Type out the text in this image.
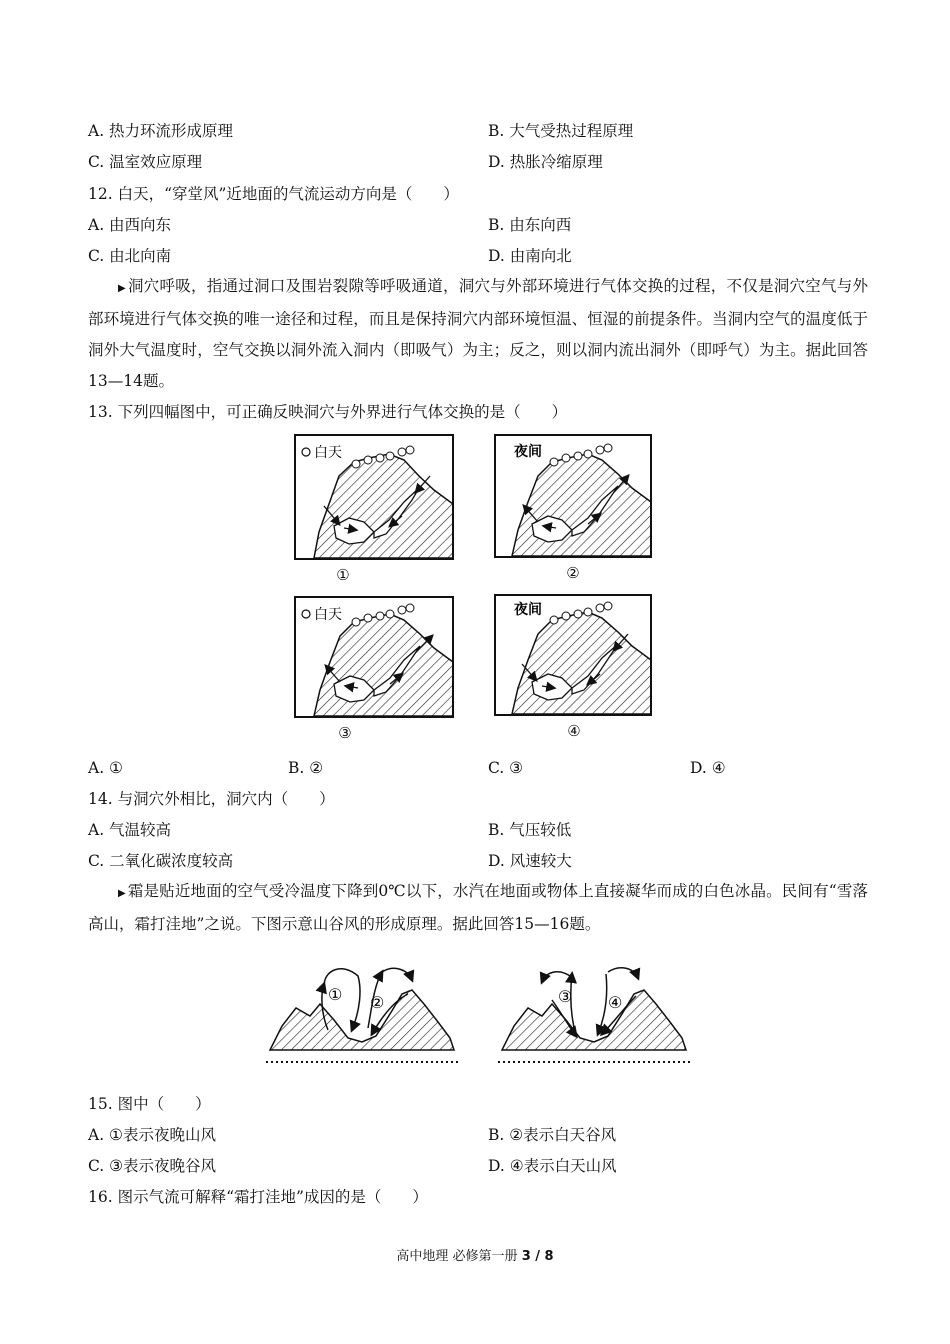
A. 热力环流形成原理	B. 大气受热过程原理
C. 温室效应原理	D. 热胀冷缩原理
12. 白天，“穿堂风”近地面的气流运动方向是（　　）
A. 由西向东	B. 由东向西
C. 由北向南	D. 由南向北
▶ 洞穴呼吸，指通过洞口及围岩裂隙等呼吸通道，洞穴与外部环境进行气体交换的过程，不仅是洞穴空气与外部环境进行气体交换的唯一途径和过程，而且是保持洞穴内部环境恒温、恒湿的前提条件。当洞内空气的温度低于洞外大气温度时，空气交换以洞外流入洞内（即吸气）为主；反之，则以洞内流出洞外（即呼气）为主。据此回答13—14题。
13. 下列四幅图中，可正确反映洞穴与外界进行气体交换的是（　　）
白天
①
夜间
②
白天
③
夜间
④
A. ①	B. ②	C. ③	D. ④
14. 与洞穴外相比，洞穴内（　　）
A. 气温较高	B. 气压较低
C. 二氧化碳浓度较高	D. 风速较大
▶ 霜是贴近地面的空气受冷温度下降到0℃以下，水汽在地面或物体上直接凝华而成的白色冰晶。民间有“雪落高山，霜打洼地”之说。下图示意山谷风的形成原理。据此回答15—16题。
① ②	③ ④
15. 图中（　　）
A. ①表示夜晚山风	B. ②表示白天谷风
C. ③表示夜晚谷风	D. ④表示白天山风
16. 图示气流可解释“霜打洼地”成因的是（　　）
高中地理 必修第一册 3 / 8
